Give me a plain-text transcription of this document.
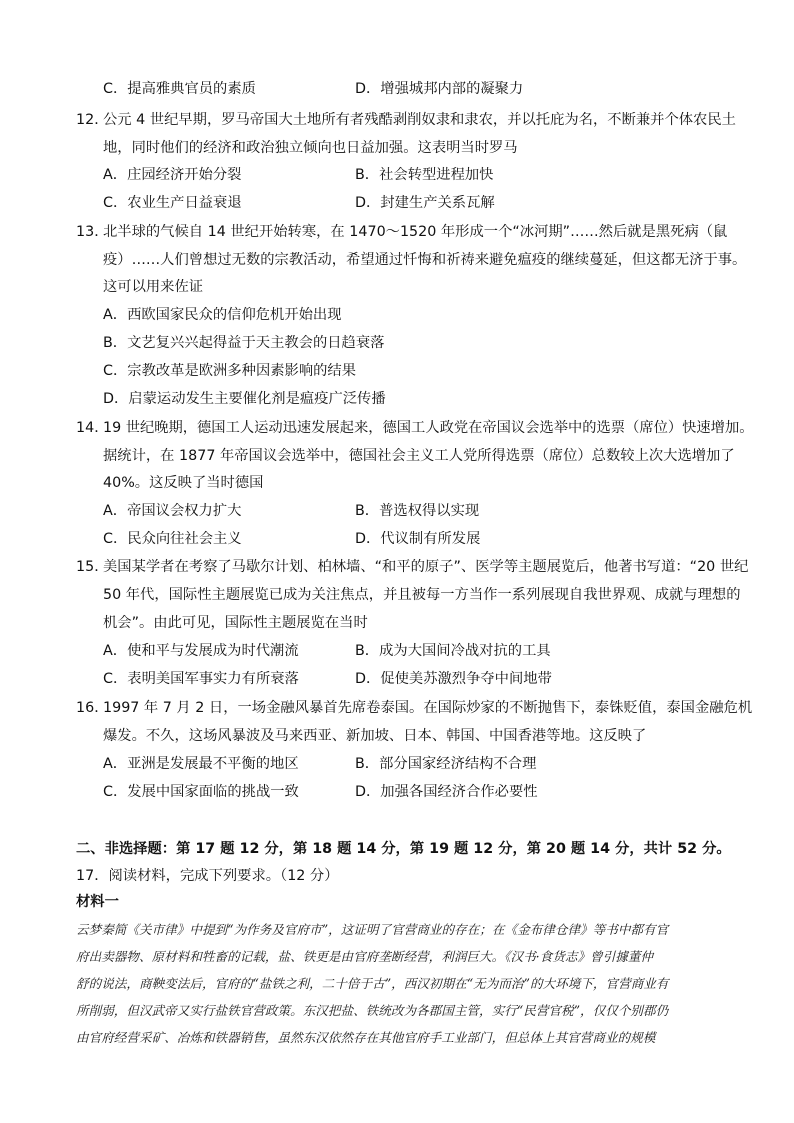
C．提高雅典官员的素质	D．增强城邦内部的凝聚力
12．
公元 4 世纪早期，罗马帝国大土地所有者残酷剥削奴隶和隶农，并以托庇为名，不断兼并个体农民土
地，同时他们的经济和政治独立倾向也日益加强。这表明当时罗马
A．庄园经济开始分裂	B．社会转型进程加快
C．农业生产日益衰退	D．封建生产关系瓦解
13．
北半球的气候自 14 世纪开始转寒，在 1470～1520 年形成一个“冰河期”……然后就是黑死病（鼠
疫）……人们曾想过无数的宗教活动，希望通过忏悔和祈祷来避免瘟疫的继续蔓延，但这都无济于事。
这可以用来佐证
A．西欧国家民众的信仰危机开始出现
B．文艺复兴兴起得益于天主教会的日趋衰落
C．宗教改革是欧洲多种因素影响的结果
D．启蒙运动发生主要催化剂是瘟疫广泛传播
14．
19 世纪晚期，德国工人运动迅速发展起来，德国工人政党在帝国议会选举中的选票（席位）快速增加。
据统计，在 1877 年帝国议会选举中，德国社会主义工人党所得选票（席位）总数较上次大选增加了
40%。这反映了当时德国
A．帝国议会权力扩大	B．普选权得以实现
C．民众向往社会主义	D．代议制有所发展
15．
美国某学者在考察了马歇尔计划、柏林墙、“和平的原子”、医学等主题展览后，他著书写道：“20 世纪
50 年代，国际性主题展览已成为关注焦点，并且被每一方当作一系列展现自我世界观、成就与理想的
机会”。由此可见，国际性主题展览在当时
A．使和平与发展成为时代潮流	B．成为大国间冷战对抗的工具
C．表明美国军事实力有所衰落	D．促使美苏激烈争夺中间地带
16．
1997 年 7 月 2 日，一场金融风暴首先席卷泰国。在国际炒家的不断抛售下，泰铢贬值，泰国金融危机
爆发。不久，这场风暴波及马来西亚、新加坡、日本、韩国、中国香港等地。这反映了
A．亚洲是发展最不平衡的地区	B．部分国家经济结构不合理
C．发展中国家面临的挑战一致	D．加强各国经济合作必要性
二、非选择题：第 17 题 12 分，第 18 题 14 分，第 19 题 12 分，第 20 题 14 分，共计 52 分。
17．阅读材料，完成下列要求。（12 分）
材料一
云梦秦简《关市律》中提到“为作务及官府市”，这证明了官营商业的存在；在《金布律仓律》等书中都有官
府出卖器物、原材料和牲畜的记载，盐、铁更是由官府垄断经营，利润巨大。《汉书·食货志》曾引據董仲
舒的说法，商鞅变法后，官府的“盐铁之利，二十倍于古”，西汉初期在“无为而治”的大环境下，官营商业有
所削弱，但汉武帝又实行盐铁官营政策。东汉把盐、铁统改为各郡国主管，实行“民营官税”，仅仅个别郡仍
由官府经营采矿、冶炼和铁器销售，虽然东汉依然存在其他官府手工业部门，但总体上其官营商业的规模
